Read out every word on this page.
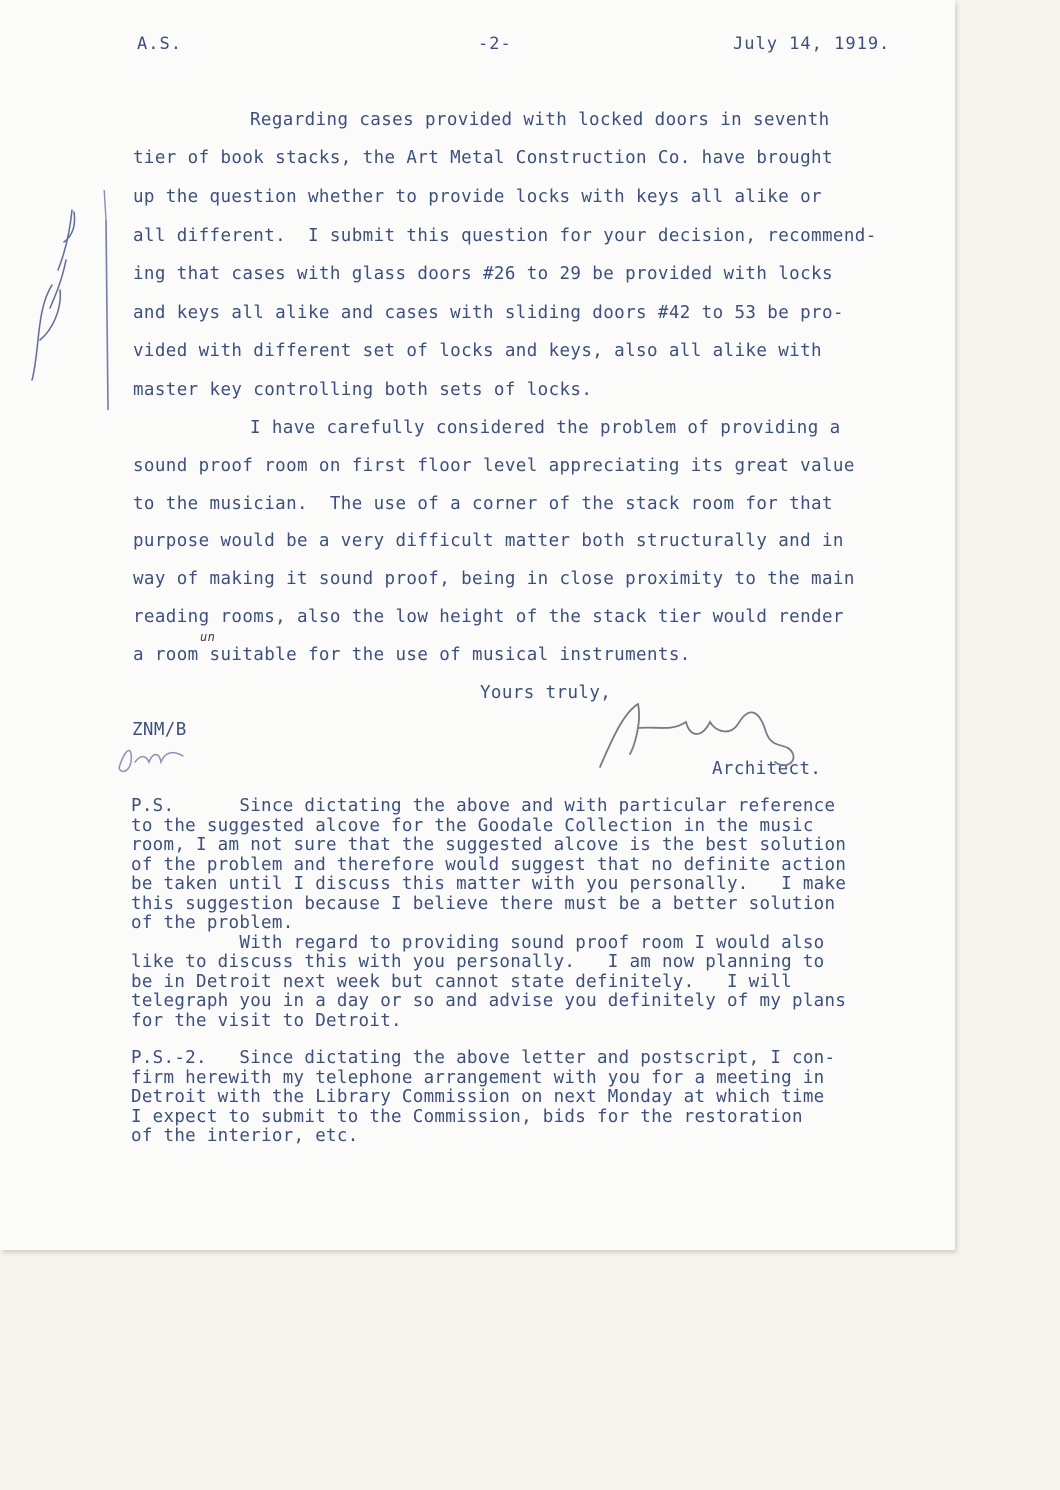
A.S.	-2-	July 14, 1919.
Regarding cases provided with locked doors in seventh
tier of book stacks, the Art Metal Construction Co. have brought
up the question whether to provide locks with keys all alike or
all different.  I submit this question for your decision, recommend-
ing that cases with glass doors #26 to 29 be provided with locks
and keys all alike and cases with sliding doors #42 to 53 be pro-
vided with different set of locks and keys, also all alike with
master key controlling both sets of locks.
I have carefully considered the problem of providing a
sound proof room on first floor level appreciating its great value
to the musician.  The use of a corner of the stack room for that
purpose would be a very difficult matter both structurally and in
way of making it sound proof, being in close proximity to the main
reading rooms, also the low height of the stack tier would render
a room suitable for the use of musical instruments.
un
Yours truly,
ZNM/B
Architect.
P.S.      Since dictating the above and with particular reference
to the suggested alcove for the Goodale Collection in the music
room, I am not sure that the suggested alcove is the best solution
of the problem and therefore would suggest that no definite action
be taken until I discuss this matter with you personally.   I make
this suggestion because I believe there must be a better solution
of the problem.
With regard to providing sound proof room I would also
like to discuss this with you personally.   I am now planning to
be in Detroit next week but cannot state definitely.   I will
telegraph you in a day or so and advise you definitely of my plans
for the visit to Detroit.
P.S.-2.   Since dictating the above letter and postscript, I con-
firm herewith my telephone arrangement with you for a meeting in
Detroit with the Library Commission on next Monday at which time
I expect to submit to the Commission, bids for the restoration
of the interior, etc.
